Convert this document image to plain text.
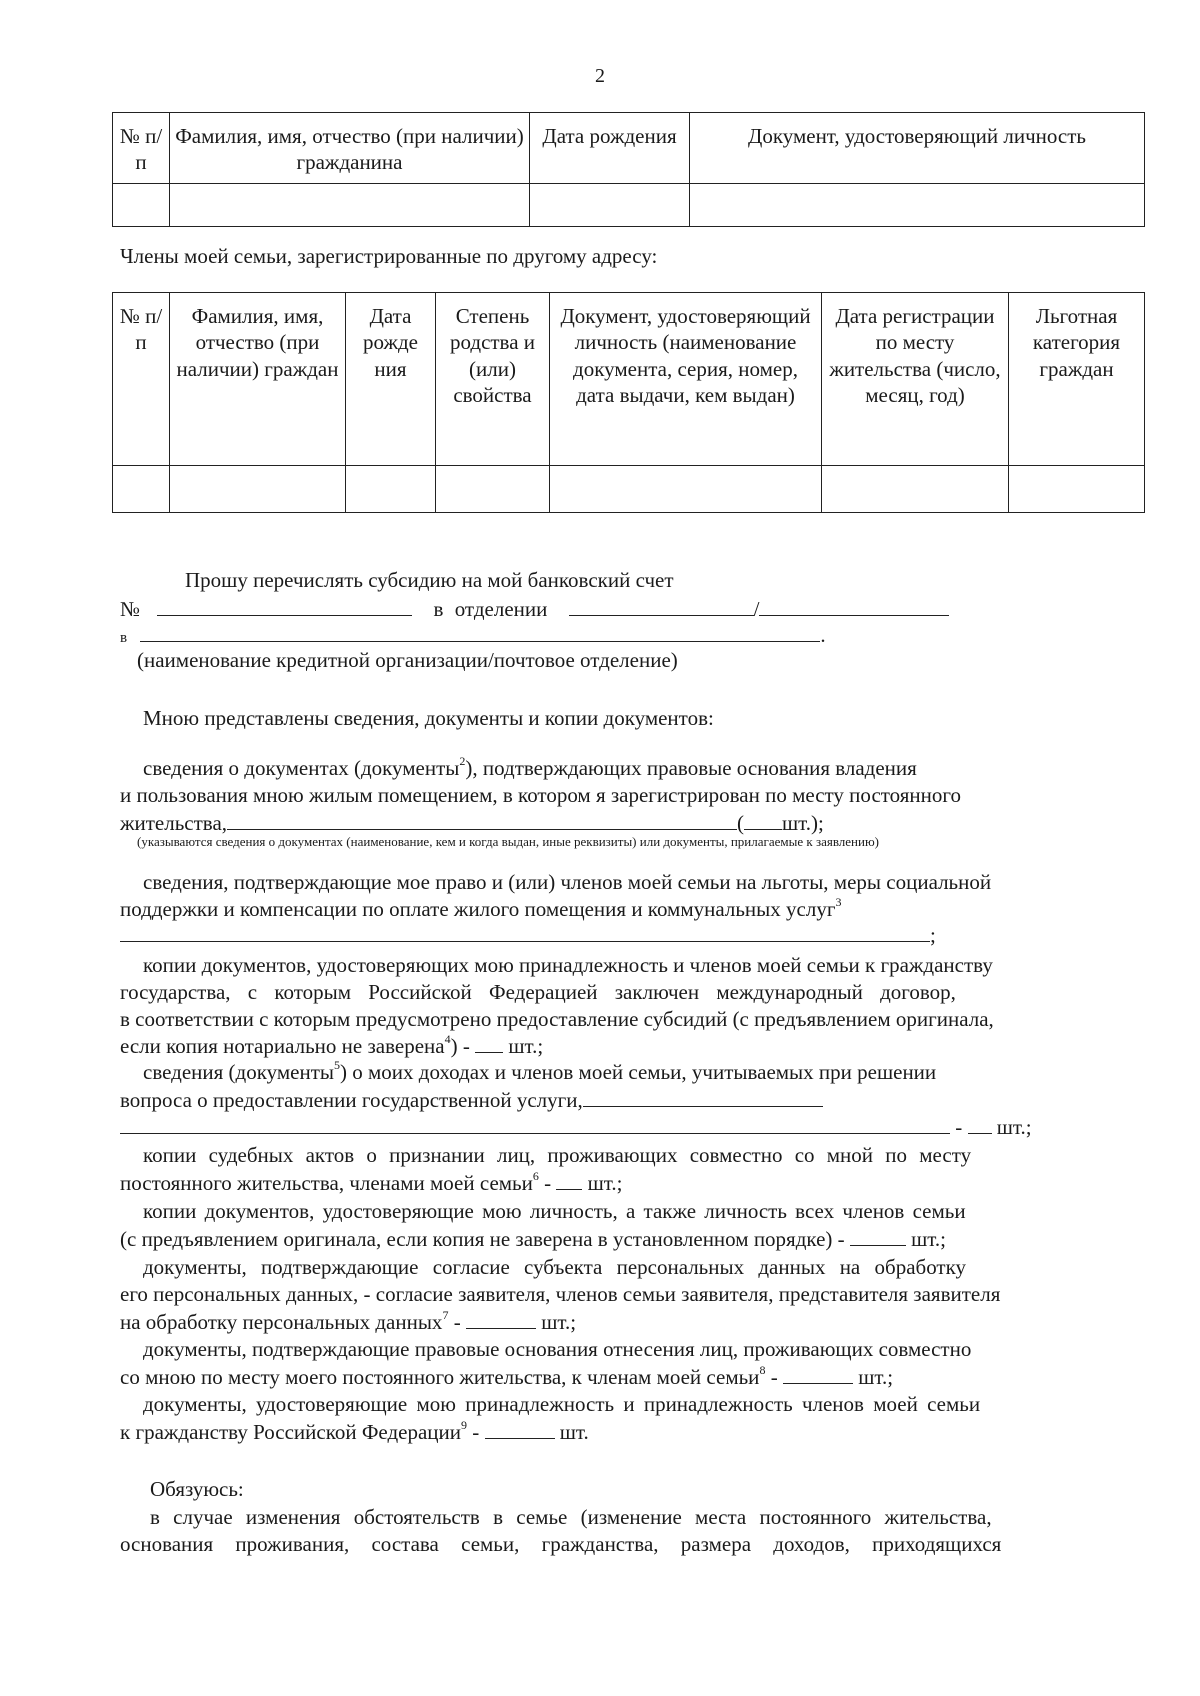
2
№ п/п	Фамилия, имя, отчество (при наличии) гражданина	Дата рождения	Документ, удостоверяющий личность

Члены моей семьи, зарегистрированные по другому адресу:
№ п/п	Фамилия, имя, отчество (при наличии) граждан	Дата рожде ния	Степень родства и (или) свойства	Документ, удостоверяющий личность (наименование документа, серия, номер, дата выдачи, кем выдан)	Дата регистрации по месту жительства (число, месяц, год)	Льготная категория граждан

Прошу перечислять субсидию на мой банковский счет
№	в отделении	/
в	.
(наименование кредитной организации/почтовое отделение)
Мною представлены сведения, документы и копии документов:
сведения о документах (документы$^2$), подтверждающих правовые основания владения
и пользования мною жилым помещением, в котором я зарегистрирован по месту постоянного
жительства,	( шт.);
(указываются сведения о документах (наименование, кем и когда выдан, иные реквизиты) или документы, прилагаемые к заявлению)
сведения, подтверждающие мое право и (или) членов моей семьи на льготы, меры социальной
поддержки и компенсации по оплате жилого помещения и коммунальных услуг$^3$
;
копии документов, удостоверяющих мою принадлежность и членов моей семьи к гражданству
государства, с которым Российской Федерацией заключен международный договор,
в соответствии с которым предусмотрено предоставление субсидий (с предъявлением оригинала,
если копия нотариально не заверена$^4$) - шт.;
сведения (документы$^5$) о моих доходах и членов моей семьи, учитываемых при решении
вопроса о предоставлении государственной услуги,
- шт.;
копии судебных актов о признании лиц, проживающих совместно со мной по месту
постоянного жительства, членами моей семьи$^6$ - шт.;
копии документов, удостоверяющие мою личность, а также личность всех членов семьи
(с предъявлением оригинала, если копия не заверена в установленном порядке) -	шт.;
документы, подтверждающие согласие субъекта персональных данных на обработку
его персональных данных, - согласие заявителя, членов семьи заявителя, представителя заявителя
на обработку персональных данных$^7$ -	шт.;
документы, подтверждающие правовые основания отнесения лиц, проживающих совместно
со мною по месту моего постоянного жительства, к членам моей семьи$^8$ -	шт.;
документы, удостоверяющие мою принадлежность и принадлежность членов моей семьи
к гражданству Российской Федерации$^9$ -	шт.
Обязуюсь:
в случае изменения обстоятельств в семье (изменение места постоянного жительства,
основания проживания, состава семьи, гражданства, размера доходов, приходящихся
